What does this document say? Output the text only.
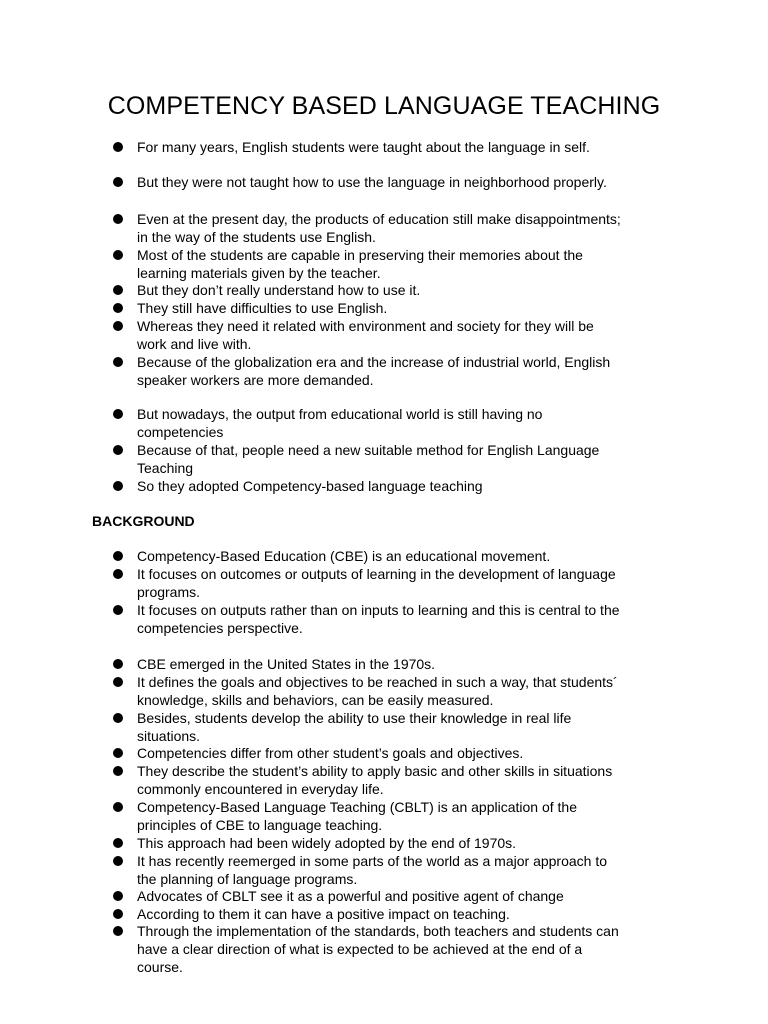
COMPETENCY BASED LANGUAGE TEACHING
For many years, English students were taught about the language in self.
But they were not taught how to use the language in neighborhood properly.
Even at the present day, the products of education still make disappointments;
in the way of the students use English.
Most of the students are capable in preserving their memories about the
learning materials given by the teacher.
But they don’t really understand how to use it.
They still have difficulties to use English.
Whereas they need it related with environment and society for they will be
work and live with.
Because of the globalization era and the increase of industrial world, English
speaker workers are more demanded.
But nowadays, the output from educational world is still having no
competencies
Because of that, people need a new suitable method for English Language
Teaching
So they adopted Competency-based language teaching
BACKGROUND
Competency-Based Education (CBE) is an educational movement.
It focuses on outcomes or outputs of learning in the development of language
programs.
It focuses on outputs rather than on inputs to learning and this is central to the
competencies perspective.
CBE emerged in the United States in the 1970s.
It defines the goals and objectives to be reached in such a way, that students´
knowledge, skills and behaviors, can be easily measured.
Besides, students develop the ability to use their knowledge in real life
situations.
Competencies differ from other student’s goals and objectives.
They describe the student’s ability to apply basic and other skills in situations
commonly encountered in everyday life.
Competency-Based Language Teaching (CBLT) is an application of the
principles of CBE to language teaching.
This approach had been widely adopted by the end of 1970s.
It has recently reemerged in some parts of the world as a major approach to
the planning of language programs.
Advocates of CBLT see it as a powerful and positive agent of change
According to them it can have a positive impact on teaching.
Through the implementation of the standards, both teachers and students can
have a clear direction of what is expected to be achieved at the end of a
course.
